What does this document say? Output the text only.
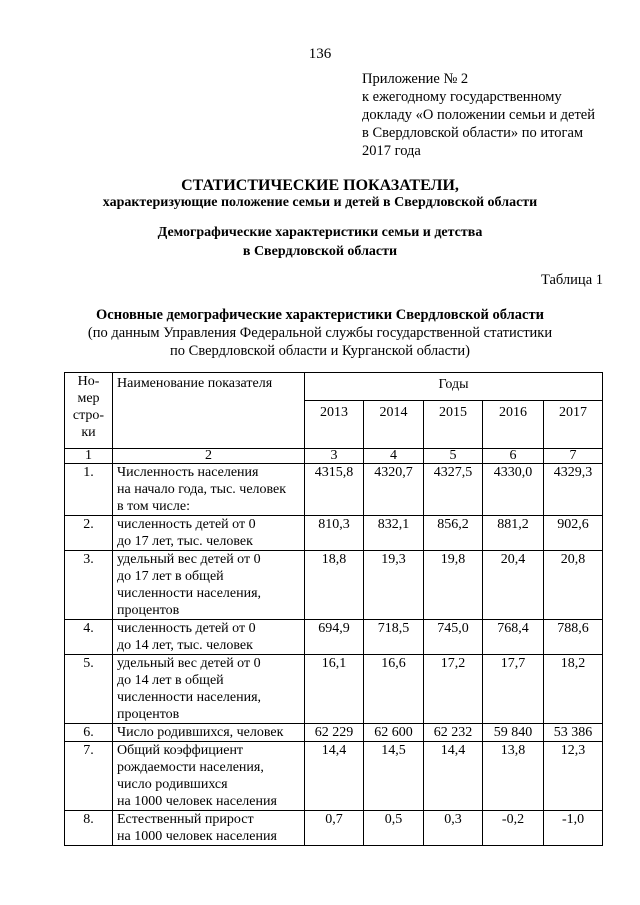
136
Приложение № 2
к ежегодному государственному
докладу «О положении семьи и детей
в Свердловской области» по итогам
2017 года
СТАТИСТИЧЕСКИЕ ПОКАЗАТЕЛИ,
характеризующие положение семьи и детей в Свердловской области
Демографические характеристики семьи и детства
в Свердловской области
Таблица 1
Основные демографические характеристики Свердловской области
(по данным Управления Федеральной службы государственной статистики
по Свердловской области и Курганской области)
Но-
мер
стро-
ки	Наименование показателя	Годы				
		2013	2014	2015	2016	2017
1	2	3	4	5	6	7
1.	Численность населения
на начало года, тыс. человек
в том числе:	4315,8	4320,7	4327,5	4330,0	4329,3
2.	численность детей от 0
до 17 лет, тыс. человек	810,3	832,1	856,2	881,2	902,6
3.	удельный вес детей от 0
до 17 лет в общей
численности населения,
процентов	18,8	19,3	19,8	20,4	20,8
4.	численность детей от 0
до 14 лет, тыс. человек	694,9	718,5	745,0	768,4	788,6
5.	удельный вес детей от 0
до 14 лет в общей
численности населения,
процентов	16,1	16,6	17,2	17,7	18,2
6.	Число родившихся, человек	62 229	62 600	62 232	59 840	53 386
7.	Общий коэффициент
рождаемости населения,
число родившихся
на 1000 человек населения	14,4	14,5	14,4	13,8	12,3
8.	Естественный прирост
на 1000 человек населения	0,7	0,5	0,3	-0,2	-1,0
